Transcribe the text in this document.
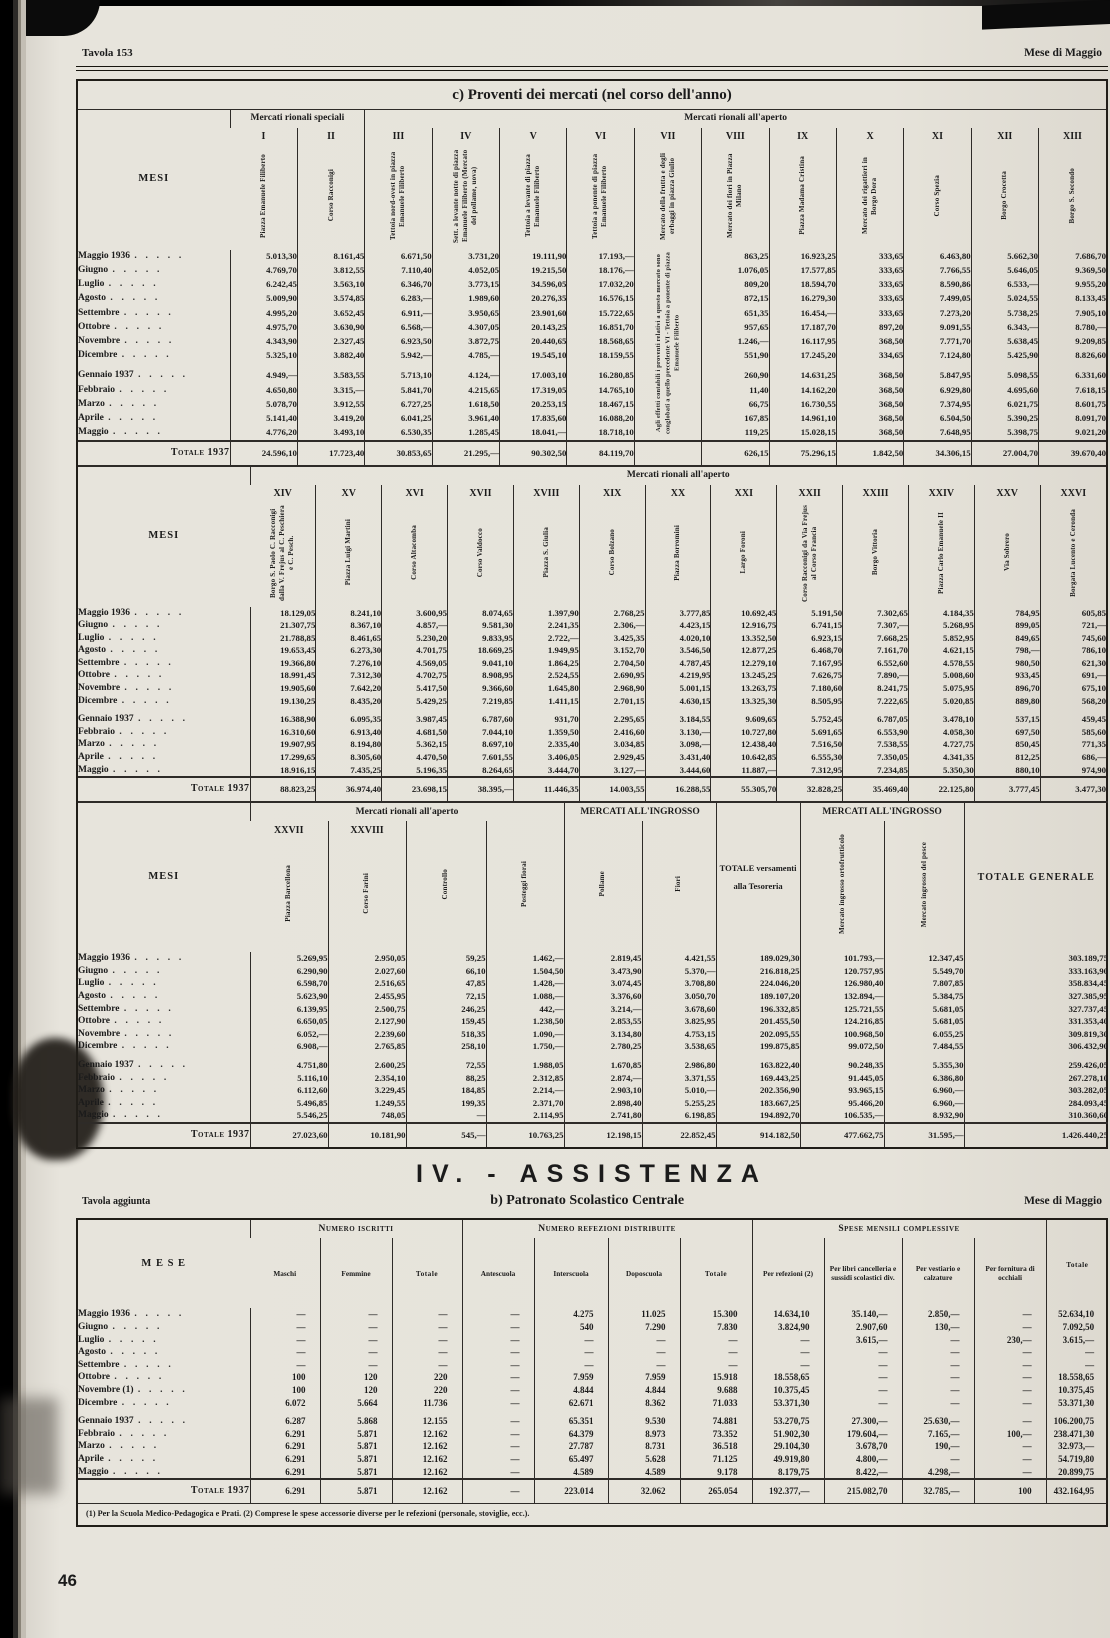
Tavola 153	Mese di Maggio
c) Proventi dei mercati (nel corso dell'anno)
MESI	Mercati rionali speciali		Mercati rionali all'aperto										
	I	II	III	IV	V	VI	VII	VIII	IX	X	XI	XII	XIII
	Piazza Emanuele Filiberto	Corso Racconigi	Tettoia nord-ovest in piazza Emanuele Filiberto	Sett. a levante notte di piazza Emanuele Filiberto (Mercato del pollame, uova)	Tettoia a levante di piazza Emanuele Filiberto	Tettoia a ponente di piazza Emanuele Filiberto	Mercato della frutta e degli erbaggi in piazza Giulio	Mercato dei fiori in Piazza Milano	Piazza Madama Cristina	Mercato dei rigattieri in Borgo Dora	Corso Spezia	Borgo Crocetta	Borgo S. Secondo
Maggio 1936 . . . . .	5.013,30	8.161,45	6.671,50	3.731,20	19.111,90	17.193,—	Agli effetti contabili i proventi relativi a questo mercato sono conglobati a quello precedente VI - Tettoia a ponente di piazza Emanuele Filiberto	863,25	16.923,25	333,65	6.463,80	5.662,30	7.686,70
Giugno . . . . .	4.769,70	3.812,55	7.110,40	4.052,05	19.215,50	18.176,—		1.076,05	17.577,85	333,65	7.766,55	5.646,05	9.369,50
Luglio . . . . .	6.242,45	3.563,10	6.346,70	3.773,15	34.596,05	17.032,20		809,20	18.594,70	333,65	8.590,86	6.533,—	9.955,20
Agosto . . . . .	5.009,90	3.574,85	6.283,—	1.989,60	20.276,35	16.576,15		872,15	16.279,30	333,65	7.499,05	5.024,55	8.133,45
Settembre . . . . .	4.995,20	3.652,45	6.911,—	3.950,65	23.901,60	15.722,65		651,35	16.454,—	333,65	7.273,20	5.738,25	7.905,10
Ottobre . . . . .	4.975,70	3.630,90	6.568,—	4.307,05	20.143,25	16.851,70		957,65	17.187,70	897,20	9.091,55	6.343,—	8.780,—
Novembre . . . . .	4.343,90	2.327,45	6.923,50	3.872,75	20.440,65	18.568,65		1.246,—	16.117,95	368,50	7.771,70	5.638,45	9.209,85
Dicembre . . . . .	5.325,10	3.882,40	5.942,—	4.785,—	19.545,10	18.159,55		551,90	17.245,20	334,65	7.124,80	5.425,90	8.826,60
Gennaio 1937 . . . . .	4.949,—	3.583,55	5.713,10	4.124,—	17.003,10	16.280,85		260,90	14.631,25	368,50	5.847,95	5.098,55	6.331,60
Febbraio . . . . .	4.650,80	3.315,—	5.841,70	4.215,65	17.319,05	14.765,10		11,40	14.162,20	368,50	6.929,80	4.695,60	7.618,15
Marzo . . . . .	5.078,70	3.912,55	6.727,25	1.618,50	20.253,15	18.467,15		66,75	16.730,55	368,50	7.374,95	6.021,75	8.601,75
Aprile . . . . .	5.141,40	3.419,20	6.041,25	3.961,40	17.835,60	16.088,20		167,85	14.961,10	368,50	6.504,50	5.390,25	8.091,70
Maggio . . . . .	4.776,20	3.493,10	6.530,35	1.285,45	18.041,—	18.718,10		119,25	15.028,15	368,50	7.648,95	5.398,75	9.021,20
Totale 1937	24.596,10	17.723,40	30.853,65	21.295,—	90.302,50	84.119,70		626,15	75.296,15	1.842,50	34.306,15	27.004,70	39.670,40
MESI	Mercati rionali all'aperto												
	XIV	XV	XVI	XVII	XVIII	XIX	XX	XXI	XXII	XXIII	XXIV	XXV	XXVI
	Borgo S. Paolo C. Racconigi dalla V. Frejus al C. Peschiera e C. Pesch.	Piazza Luigi Martini	Corso Altacomba	Corso Valdocco	Piazza S. Giulia	Corso Bolzano	Piazza Borromini	Largo Foroni	Corso Racconigi da Via Frejus al Corso Francia	Borgo Vittoria	Piazza Carlo Emanuele II	Via Sobrero	Borgata Lucento e Ceronda
Maggio 1936 . . . . .	18.129,05	8.241,10	3.600,95	8.074,65	1.397,90	2.768,25	3.777,85	10.692,45	5.191,50	7.302,65	4.184,35	784,95	605,85
Giugno . . . . .	21.307,75	8.367,10	4.857,—	9.581,30	2.241,35	2.306,—	4.423,15	12.916,75	6.741,15	7.307,—	5.268,95	899,05	721,—
Luglio . . . . .	21.788,85	8.461,65	5.230,20	9.833,95	2.722,—	3.425,35	4.020,10	13.352,50	6.923,15	7.668,25	5.852,95	849,65	745,60
Agosto . . . . .	19.653,45	6.273,30	4.701,75	18.669,25	1.949,95	3.152,70	3.546,50	12.877,25	6.468,70	7.161,70	4.621,15	798,—	786,10
Settembre . . . . .	19.366,80	7.276,10	4.569,05	9.041,10	1.864,25	2.704,50	4.787,45	12.279,10	7.167,95	6.552,60	4.578,55	980,50	621,30
Ottobre . . . . .	18.991,45	7.312,30	4.702,75	8.908,95	2.524,55	2.690,95	4.219,95	13.245,25	7.626,75	7.890,—	5.008,60	933,45	691,—
Novembre . . . . .	19.905,60	7.642,20	5.417,50	9.366,60	1.645,80	2.968,90	5.001,15	13.263,75	7.180,60	8.241,75	5.075,95	896,70	675,10
Dicembre . . . . .	19.130,25	8.435,20	5.429,25	7.219,85	1.411,15	2.701,15	4.630,15	13.325,30	8.505,95	7.222,65	5.020,85	889,80	568,20
Gennaio 1937 . . . . .	16.388,90	6.095,35	3.987,45	6.787,60	931,70	2.295,65	3.184,55	9.609,65	5.752,45	6.787,05	3.478,10	537,15	459,45
Febbraio . . . . .	16.310,60	6.913,40	4.681,50	7.044,10	1.359,50	2.416,60	3.130,—	10.727,80	5.691,65	6.553,90	4.058,30	697,50	585,60
Marzo . . . . .	19.907,95	8.194,80	5.362,15	8.697,10	2.335,40	3.034,85	3.098,—	12.438,40	7.516,50	7.538,55	4.727,75	850,45	771,35
Aprile . . . . .	17.299,65	8.305,60	4.470,50	7.601,55	3.406,05	2.929,45	3.431,40	10.642,85	6.555,30	7.350,05	4.341,35	812,25	686,—
Maggio . . . . .	18.916,15	7.435,25	5.196,35	8.264,65	3.444,70	3.127,—	3.444,60	11.887,—	7.312,95	7.234,85	5.350,30	880,10	974,90
Totale 1937	88.823,25	36.974,40	23.698,15	38.395,—	11.446,35	14.003,55	16.288,55	55.305,70	32.828,25	35.469,40	22.125,80	3.777,45	3.477,30
MESI	Mercati rionali all'aperto				MERCATI ALL'INGROSSO		TOTALE versamenti alla Tesoreria	MERCATI ALL'INGROSSO		TOTALE GENERALE
	XXVII	XXVIII	Controllo	Posteggi fiorai	Pollame	Fiori		Mercato ingrosso ortofrutticolo	Mercato ingrosso del pesce	
	Piazza Barcellona	Corso Farini								
Maggio 1936 . . . . .	5.269,95	2.950,05	59,25	1.462,—	2.819,45	4.421,55	189.029,30	101.793,—	12.347,45	303.189,75
Giugno . . . . .	6.290,90	2.027,60	66,10	1.504,50	3.473,90	5.370,—	216.818,25	120.757,95	5.549,70	333.163,90
Luglio . . . . .	6.598,70	2.516,65	47,85	1.428,—	3.074,45	3.708,80	224.046,20	126.980,40	7.807,85	358.834,45
Agosto . . . . .	5.623,90	2.455,95	72,15	1.088,—	3.376,60	3.050,70	189.107,20	132.894,—	5.384,75	327.385,95
Settembre . . . . .	6.139,95	2.500,75	246,25	442,—	3.214,—	3.678,60	196.332,85	125.721,55	5.681,05	327.737,45
Ottobre . . . . .	6.650,05	2.127,90	159,45	1.238,50	2.853,55	3.825,95	201.455,50	124.216,85	5.681,05	331.353,40
Novembre . . . . .	6.052,—	2.239,60	518,35	1.090,—	3.134,80	4.753,15	202.095,55	100.968,50	6.055,25	309.819,30
Dicembre . . . . .	6.908,—	2.765,85	258,10	1.750,—	2.780,25	3.538,65	199.875,85	99.072,50	7.484,55	306.432,90
Gennaio 1937 . . . . .	4.751,80	2.600,25	72,55	1.988,05	1.670,85	2.986,80	163.822,40	90.248,35	5.355,30	259.426,05
Febbraio . . . . .	5.116,10	2.354,10	88,25	2.312,85	2.874,—	3.371,55	169.443,25	91.445,05	6.386,80	267.278,10
Marzo . . . . .	6.112,60	3.229,45	184,85	2.214,—	2.903,10	5.010,—	202.356,90	93.965,15	6.960,—	303.282,05
Aprile . . . . .	5.496,85	1.249,55	199,35	2.371,70	2.898,40	5.255,25	183.667,25	95.466,20	6.960,—	284.093,45
Maggio . . . . .	5.546,25	748,05	—	2.114,95	2.741,80	6.198,85	194.892,70	106.535,—	8.932,90	310.360,60
Totale 1937	27.023,60	10.181,90	545,—	10.763,25	12.198,15	22.852,45	914.182,50	477.662,75	31.595,—	1.426.440,25
IV. - ASSISTENZA
Tavola aggiunta	b) Patronato Scolastico Centrale	Mese di Maggio
M E S E	Numero iscritti			Numero refezioni distribuite				Spese mensili complessive				Totale
	Maschi	Femmine	Totale	Antescuola	Interscuola	Doposcuola	Totale	Per refezioni (2)	Per libri cancelleria e sussidi scolastici div.	Per vestiario e calzature	Per fornitura di occhiali	
Maggio 1936 . . . . .	—	—	—	—	4.275	11.025	15.300	14.634,10	35.140,—	2.850,—	—	52.634,10
Giugno . . . . .	—	—	—	—	540	7.290	7.830	3.824,90	2.907,60	130,—	—	7.092,50
Luglio . . . . .	—	—	—	—	—	—	—	—	3.615,—	—	230,—	3.615,—
Agosto . . . . .	—	—	—	—	—	—	—	—	—	—	—	—
Settembre . . . . .	—	—	—	—	—	—	—	—	—	—	—	—
Ottobre . . . . .	100	120	220	—	7.959	7.959	15.918	18.558,65	—	—	—	18.558,65
Novembre (1) . . . . .	100	120	220	—	4.844	4.844	9.688	10.375,45	—	—	—	10.375,45
Dicembre . . . . .	6.072	5.664	11.736	—	62.671	8.362	71.033	53.371,30	—	—	—	53.371,30
Gennaio 1937 . . . . .	6.287	5.868	12.155	—	65.351	9.530	74.881	53.270,75	27.300,—	25.630,—	—	106.200,75
Febbraio . . . . .	6.291	5.871	12.162	—	64.379	8.973	73.352	51.902,30	179.604,—	7.165,—	100,—	238.471,30
Marzo . . . . .	6.291	5.871	12.162	—	27.787	8.731	36.518	29.104,30	3.678,70	190,—	—	32.973,—
Aprile . . . . .	6.291	5.871	12.162	—	65.497	5.628	71.125	49.919,80	4.800,—	—	—	54.719,80
Maggio . . . . .	6.291	5.871	12.162	—	4.589	4.589	9.178	8.179,75	8.422,—	4.298,—	—	20.899,75
Totale 1937	6.291	5.871	12.162	—	223.014	32.062	265.054	192.377,—	215.082,70	32.785,—	100	432.164,95
(1) Per la Scuola Medico-Pedagogica e Prati. (2) Comprese le spese accessorie diverse per le refezioni (personale, stoviglie, ecc.).
46
